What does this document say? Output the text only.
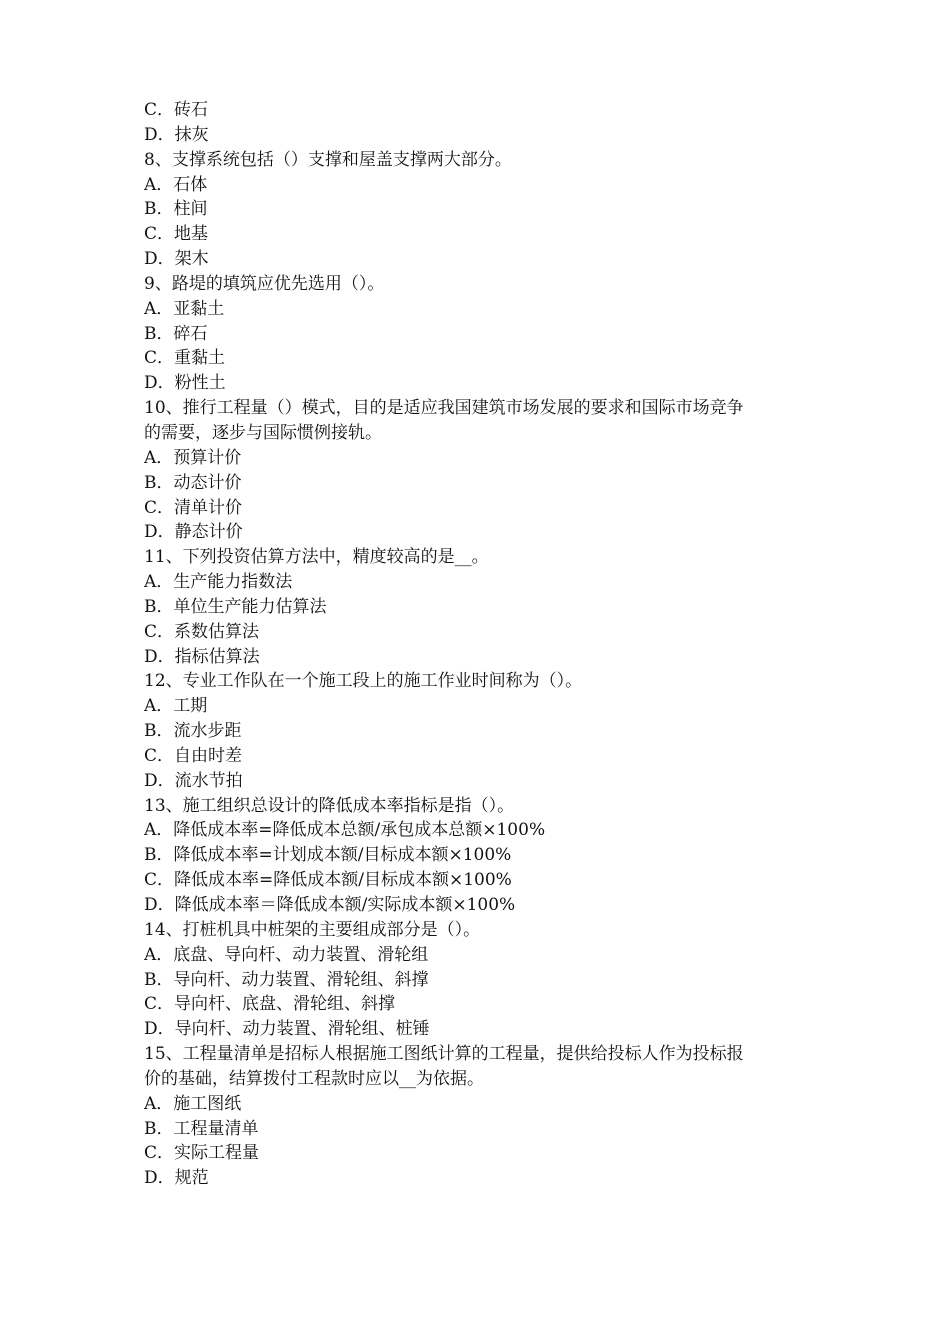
C．砖石
D．抹灰
8、支撑系统包括（）支撑和屋盖支撑两大部分。
A．石体
B．柱间
C．地基
D．架木
9、路堤的填筑应优先选用（）。
A．亚黏土
B．碎石
C．重黏土
D．粉性土
10、推行工程量（）模式，目的是适应我国建筑市场发展的要求和国际市场竞争
的需要，逐步与国际惯例接轨。
A．预算计价
B．动态计价
C．清单计价
D．静态计价
11、下列投资估算方法中，精度较高的是__。
A．生产能力指数法
B．单位生产能力估算法
C．系数估算法
D．指标估算法
12、专业工作队在一个施工段上的施工作业时间称为（）。
A．工期
B．流水步距
C．自由时差
D．流水节拍
13、施工组织总设计的降低成本率指标是指（）。
A．降低成本率=降低成本总额/承包成本总额×100%
B．降低成本率=计划成本额/目标成本额×100%
C．降低成本率=降低成本额/目标成本额×100%
D．降低成本率＝降低成本额/实际成本额×100%
14、打桩机具中桩架的主要组成部分是（）。
A．底盘、导向杆、动力装置、滑轮组
B．导向杆、动力装置、滑轮组、斜撑
C．导向杆、底盘、滑轮组、斜撑
D．导向杆、动力装置、滑轮组、桩锤
15、工程量清单是招标人根据施工图纸计算的工程量，提供给投标人作为投标报
价的基础，结算拨付工程款时应以__为依据。
A．施工图纸
B．工程量清单
C．实际工程量
D．规范
